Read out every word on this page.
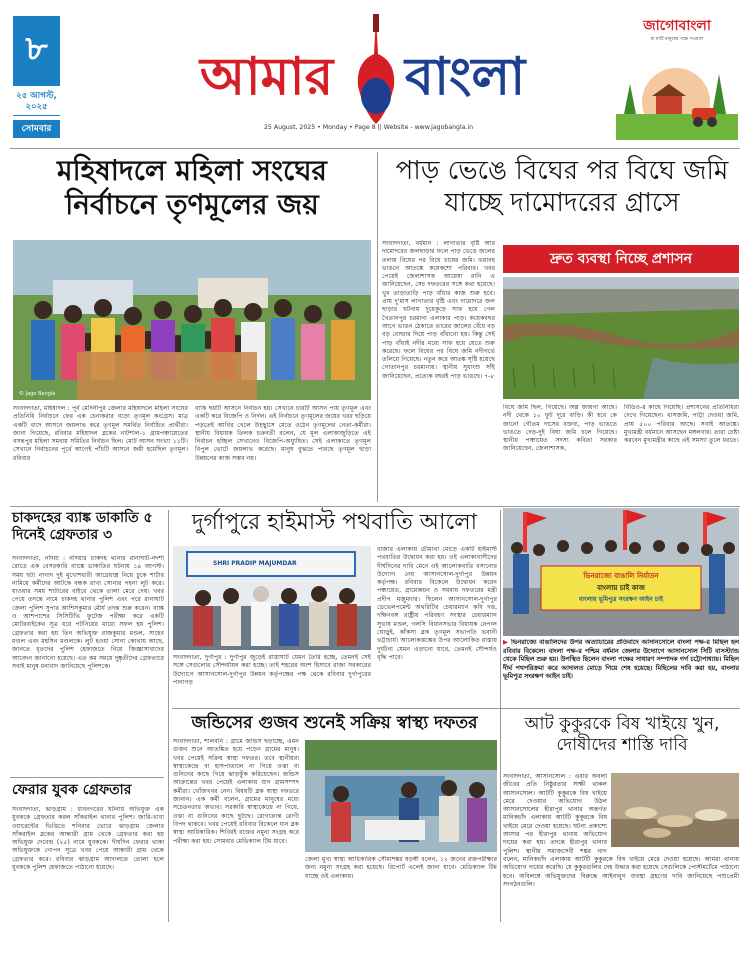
৮
২৫ আগস্ট, ২০২৫
সোমবার
আমার বাংলা
25 August, 2025 • Monday • Page 8 || Website - www.jagobangla.in
জাগোবাংলা
মা মাটি মানুষের পক্ষে সওয়াল
মহিষাদলে মহিলা সংঘের নির্বাচনে তৃণমূলের জয়
© Jago Bangla
সংবাদদাতা, মহিষাদল : পূর্ব মেদিনীপুর জেলার মহিষাদলে মহিলা সংঘের প্রতিনিধি নির্বাচনে ফের এক চেনাকরার বড়ো তৃণমূল কংগ্রেস। মাত্র একটি বাদে আসনে জয়লাভ করে তৃণমূল সমর্থিত নির্বাচিত প্রার্থীরা। জানা গিয়েছে, রবিবার মহিষাদল ব্লকের নাটশাল-১ গ্রামপঞ্চায়েতের বসন্তপুর মহিলা সমবায় সমিতির নির্বাচন ছিল। মোট আসন সংখ্যা ১১টি। সেখানে নির্বাচনের পূর্বে আগেই পাঁচটি আসনে জয়ী হয়েছিল তৃণমূল। রবিবার
বাকি ছয়টি আসনে নির্বাচন হয়। সেখানে চারটি আসন পায় তৃণমূল এবং একটি করে বিজেপি ও নির্দল। এই নির্বাচনে তৃণমূলের জয়ের খবর ছড়িয়ে পড়তেই আবির খেলে উচ্ছ্বাসে মেতে ওঠেন তৃণমূলের নেতা-কর্মীরা। স্থানীয় বিধায়ক তিলক চক্রবর্তী বলেন, যে মূল এলাকাজুড়িতে এই নির্বাচন হচ্ছিল সেখানেও বিজেপি-অধ্যুষিত। সেই এলাকাতে তৃণমূল বিপুল ভোটে জয়লাভ করেছে। মানুষ বুঝতে পারছে তৃণমূল ছাড়া উন্নয়নের কাজ সম্ভব নয়।
পাড় ভেঙে বিঘের পর বিঘে জমি যাচ্ছে দামোদরের গ্রাসে
সংবাদদাতা, বর্ধমান : লাগাতার বৃষ্টি আর দামোদরের জলছাড়ার ফলে পাড় ভেঙে জলের তলায় বিঘের পর বিঘে চাষের জমি। ভয়াবহ ভাঙনে আতঙ্কে কয়েকশো পরিবার। খবর পেয়েই জেলাশাসক আয়েষা রানি এ জানিয়েছেন, সেচ দফতরের সঙ্গে কথা হয়েছে। খুব তাড়াতাড়ি পাড় বাঁধার কাজ শুরু হবে। প্রায় দু'মাস লাগাতার বৃষ্টি এবং দামোদরে জল ছাড়ার ঘটনায় দুয়েকুড়ে সাফ হয়ে গেল খৈতানপুর চরমানা এলাকার পাড়। কয়েকবছর আগে ভাঙন ঠেকাতে তারের জালের বেঁধে বড় বড় বোল্ডার দিয়ে পাড় বাঁধানো হয়। কিন্তু সেই পাড় বাঁধাই নদীর মধ্যে সাফ হয়ে যেতে শুরু করেছে। ফলে বিঘের পর বিঘে জমি নদীগর্ভে তলিয়ে গিয়েছে। নতুন করে আতঙ্ক সৃষ্টি হয়েছে গোতানপুর চরমানায়। স্থানীয় সুধাংশু সাঁই জানিয়েছেন, প্রত্যেক বছরই পাড় ভাঙছে। ৭-৮
দ্রুত ব্যবস্থা নিচ্ছে প্রশাসন
বিঘে জমি ছিল, গিয়েছে। অল্প জায়গা আছে। নদী থেকে ১০ ফুট দূরে বাড়ি। কী হবে কে জানে! গৌতম দাসের বক্তব্য, পাড় ভাঙতে ভাঙতে দেড়-দুই বিঘা জমি চলে গিয়েছে। স্থানীয় পঞ্চায়েত সদস্য কবিতা সরকার জানিয়েছেন, জেলাশাসক,
বিডিও-র কাছে গিয়েছি। প্রশাসনের প্রতিনিধিরা দেখে গিয়েছেন। খাসজমি, পাট্টা দেওয়া জমি, প্রায় ৫০০ পরিবার আছে। সবাই আতঙ্কে। মুখ্যমন্ত্রী বর্ধমানে আসছেন মঙ্গলবার। তারা চেষ্টা করবেন মুখ্যমন্ত্রীর কাছে এই সমস্যা তুলে ধরতে।
চাকদহের ব্যাঙ্ক ডাকাতি ৫ দিনেই গ্রেফতার ৩
সংবাদদাতা, নদিয়া : নদিয়ার চাকদহ থানার রানাঘাট-নদর্শা রোডে এক বেসরকারি ব্যাঙ্কে ডাকাতির ঘটনায় ১৯ আগস্ট। সময় ছটা নাগাদ দুই মুখোশধারী আগ্নেয়াস্ত্র নিয়ে ঢুকে শার্টার নামিয়ে কর্মীদের আটকে বন্ধক রাখা সোনার গহনা লুট করে। যাওয়ার সময় শাটারের বাইরে থেকে তালা মেরে দেয়। খবর পেয়ে তদন্তে নামে চাকদহ থানার পুলিশ এবং পরে রানাঘাট জেলা পুলিশ সুপার আশিসকুমার মৌর্য তদন্ত শুরু করেন। ব্যাঙ্ক ও আশপাশের সিসিটিভি ফুটেজ পরীক্ষা করে একটি মোটরবাইকের সূত্র ধরে পটনিয়ের মাধ্যে সফল হয় পুলিশ। গ্রেফতার করা হয় তিন অভিযুক্ত রাজকুমার মণ্ডল, সাহেব মণ্ডল এবং মহসিন মণ্ডলকে। লুট হওয়া সোনা কোথায় আছে, জানতে ধৃতদের পুলিশ হেফাজতে নিয়ে জিজ্ঞাসাবাদের আবেদন জানানো হয়েছে। এত কম সময়ে দুষ্কৃতীদের গ্রেফতারে সবাই মানুষ ধন্যবাদ জানিয়েছে পুলিশকে।
ফেরার যুবক গ্রেফতার
সংবাদদাতা, ঝাড়গ্রাম : ধাবনগরের ঘটনায় অভিযুক্ত এক যুবককে গ্রেফতার করল সাঁকরাইল থানার পুলিশ। জারি-খাবা ওয়ারেন্টের ভিত্তিতে শনিবার ভোরে ঝাড়গ্রাম জেলার সাঁকরাইল ব্লকের আন্ধারী গ্রাম থেকে গ্রেফতার করা হয় অভিযুক্ত দেবেন্দ্র (২৫) নামে যুবককে। দীর্ঘদিন ফেরার থাকা অভিযুক্তকে গোপন সূত্রে খবর পেয়ে আন্ধারী গ্রাম থেকে গ্রেফতার করে। রবিবার ঝাড়গ্রাম আদালতে তোলা হলে যুবককে পুলিশ হেফাজতে পাঠানো হয়েছে।
দুর্গাপুরে হাইমাস্ট পথবাতি আলো
SHRI PRADIP MAJUMDAR
সংবাদদাতা, দুর্গাপুর : দুর্গাপুর জুড়েই রাস্তাঘাট যেমন তৈরি হচ্ছে, তেমনই সেই সঙ্গে সেগুলোর সৌন্দর্যায়ন করা হচ্ছে। তাই শহরের অংশ হিসাবে রাজ্য সরকারের উদ্যোগে আসানসোল-দুর্গাপুর উন্নয়ন কর্তৃপক্ষের পক্ষ থেকে রবিবার দুর্গাপুরের পানাগড়
বাজার এলাকায় চৌমাথা মোড়ে একটি হাইমাস্ট পথবাতির উদ্বোধন করা হয়। ওই এলাকাবাসীদের দীর্ঘদিনের দাবি মেনে ওই আলোকবাতি বসানোর উদ্যোগ নেয় আসানসোল-দুর্গাপুর উন্নয়ন কর্তৃপক্ষ। রবিবার বিকেলে উদ্বোধন করেন পঞ্চায়েত, গ্রামোন্নয়ন ও সমবায় দফতরের মন্ত্রী প্রদীপ মজুমদার। ছিলেন আসানসোল-দুর্গাপুর ডেভেলপমেন্ট অথরিটির চেয়ারম্যান কবি দত্ত, দক্ষিণবঙ্গ রাষ্ট্রীয় পরিবহণ সংস্থার চেয়ারম্যান সুভাষ মণ্ডল, গলসি বিধানসভার বিধায়ক নেপাল ঘোড়ুই, কাঁকসা ব্লক তৃণমূল সভাপতি ভবানী ভট্টাচার্য। আলোকস্তম্ভের উপর আলোকিত রাস্তায় দুর্ঘটনা যেমন এড়ানো যাবে, তেমনই সৌন্দর্যও বৃদ্ধি পাবে।
ভিনরাজ্যে বাঙালি নির্যাতন
বাংলায় চাই কাজ
বাংলায় ভূমিপুত্র সংরক্ষণ আইন চাই
▶ ভিনরাজ্যে বাঙালিদের উপর অত্যাচারের প্রতিবাদে আসানসোলে বাংলা পক্ষ-র মিছিল হল রবিবার বিকেলে। বাংলা পক্ষ-র পশ্চিম বর্ধমান জেলার উদ্যোগে আসানসোল সিটি বাসস্ট্যান্ড থেকে মিছিল শুরু হয়। উপস্থিত ছিলেন বাংলা পক্ষের সাধারণ সম্পাদক গর্গ চট্টোপাধ্যায়। মিছিল দীর্ঘ পথপরিক্রমা করে আদালত মোড়ে গিয়ে শেষ হয়েছে। মিছিলের দাবি করা হয়, বাংলার ভূমিপুত্র সংরক্ষণ আইন চাই।
জন্ডিসের গুজব শুনেই সক্রিয় স্বাস্থ্য দফতর
সংবাদদাতা, শালবনি : গ্রামে জন্ডিস ছড়াচ্ছে, এমন গুজব শুনে আতঙ্কিত হয়ে পড়েন গ্রামের মানুষ। খবর পেয়েই সক্রিয় স্বাস্থ্য দফতর। তবে স্থানীয়রা স্বাস্থ্যকেন্দ্রে বা হাসপাতালে না গিয়ে ওঝা বা গুনিনের কাছে গিয়ে ঝাড়ফুঁক করিয়েছেন। জন্ডিস আক্রান্তের খবর পেয়েই এলাকায় যান গ্রামসম্পদ কর্মীরা। খোঁজখবর নেন। বিষয়টি ব্লক স্বাস্থ্য দফতরে জানান। এক কর্মী বলেন, গ্রামের মানুষের মধ্যে সচেতনতার অভাব। সরকারি স্বাস্থ্যকেন্দ্রে না গিয়ে, ওঝা বা গুনিনের কাছে ছুটছে। রোগাক্রান্ত রোগী বিপদ থাকবে। খবর পেয়েই রবিবার বিকেলে যান ব্লক স্বাস্থ্য আধিকারিক। শিবিরই রক্তের নমুনা সংগ্রহ করে পরীক্ষা করা হয়। সোমবার মেডিক্যাল টিম যাবে।
জেলা মুখ্য স্বাস্থ্য আধিকারিক সৌম্যশঙ্কর ষড়ঙ্গী বলেন, ১২ জনের রক্তপরীক্ষার জন্য নমুনা সংগ্রহ করা হয়েছে। রিপোর্ট এলেই জানা যাবে। মেডিক্যাল টিম যাচ্ছে ওই এলাকায়।
আট কুকুরকে বিষ খাইয়ে খুন, দোষীদের শাস্তি দাবি
সংবাদদাতা, আসানসোল : এবার অবলা জীবের প্রতি নিষ্ঠুরতার সাক্ষী থাকল আসানসোল। আটটি কুকুরকে বিষ খাইয়ে মেরে দেওয়ার অভিযোগ উঠল আসানসোলের হীরাপুর থানার অন্তর্গত মানিকচাঁদ এলাকায় আটটি কুকুরকে বিষ খাইয়ে মেরে দেওয়া হয়েছে। ঘটনা প্রকাশ্যে আসার পর হীরাপুর থানায় অভিযোগ দায়ের করা হয়। তদন্তে হীরাপুর থানার পুলিশ। স্থানীয় সমাজসেবী শঙ্কর নাগ বলেন, মানিকচাঁদ এলাকায় আটটি কুকুরকে বিষ খাইয়ে মেরে দেওয়া হয়েছে। আমরা থানায় অভিযোগ দায়ের করেছি। যে কুকুরগুলির দেহ উদ্ধার করা হয়েছে সেগুলিকে পোস্টমর্টেমে পাঠানো হবে। অবিলম্বে অভিযুক্তদের বিরুদ্ধে আইনানুগ ব্যবস্থা গ্রহণের দাবি জানিয়েছে পশুপ্রেমী সংগঠনগুলি।
